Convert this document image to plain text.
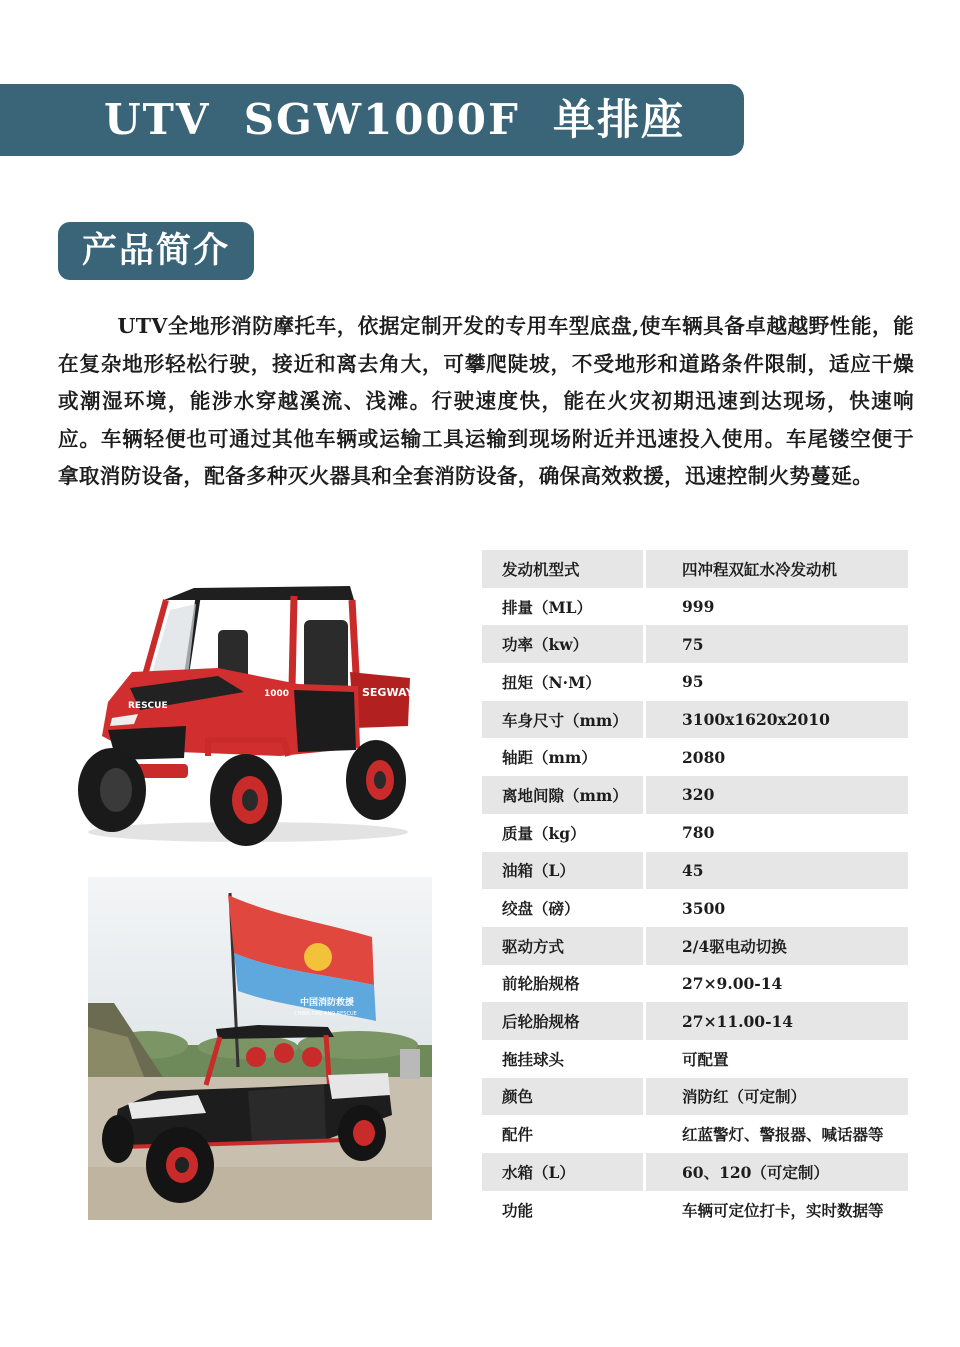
UTV  SGW1000F  单排座
产品简介

UTV全地形消防摩托车，依据定制开发的专用车型底盘,使车辆具备卓越越野性能，能在复杂地形轻松行驶，接近和离去角大，可攀爬陡坡，不受地形和道路条件限制，适应干燥或潮湿环境，能涉水穿越溪流、浅滩。行驶速度快，能在火灾初期迅速到达现场，快速响应。车辆轻便也可通过其他车辆或运输工具运输到现场附近并迅速投入使用。车尾镂空便于拿取消防设备，配备多种灭火器具和全套消防设备，确保高效救援，迅速控制火势蔓延。

SEGWAY
RESCUE
1000
中国消防救援
CHINA FIRE AND RESCUE
发动机型式	四冲程双缸水冷发动机
排量（ML）	999
功率（kw）	75
扭矩（N·M）	95
车身尺寸（mm）	3100x1620x2010
轴距（mm）	2080
离地间隙（mm）	320
质量（kg）	780
油箱（L）	45
绞盘（磅）	3500
驱动方式	2/4驱电动切换
前轮胎规格	27×9.00-14
后轮胎规格	27×11.00-14
拖挂球头	可配置
颜色	消防红（可定制）
配件	红蓝警灯、警报器、喊话器等
水箱（L）	60、120（可定制）
功能	车辆可定位打卡，实时数据等
